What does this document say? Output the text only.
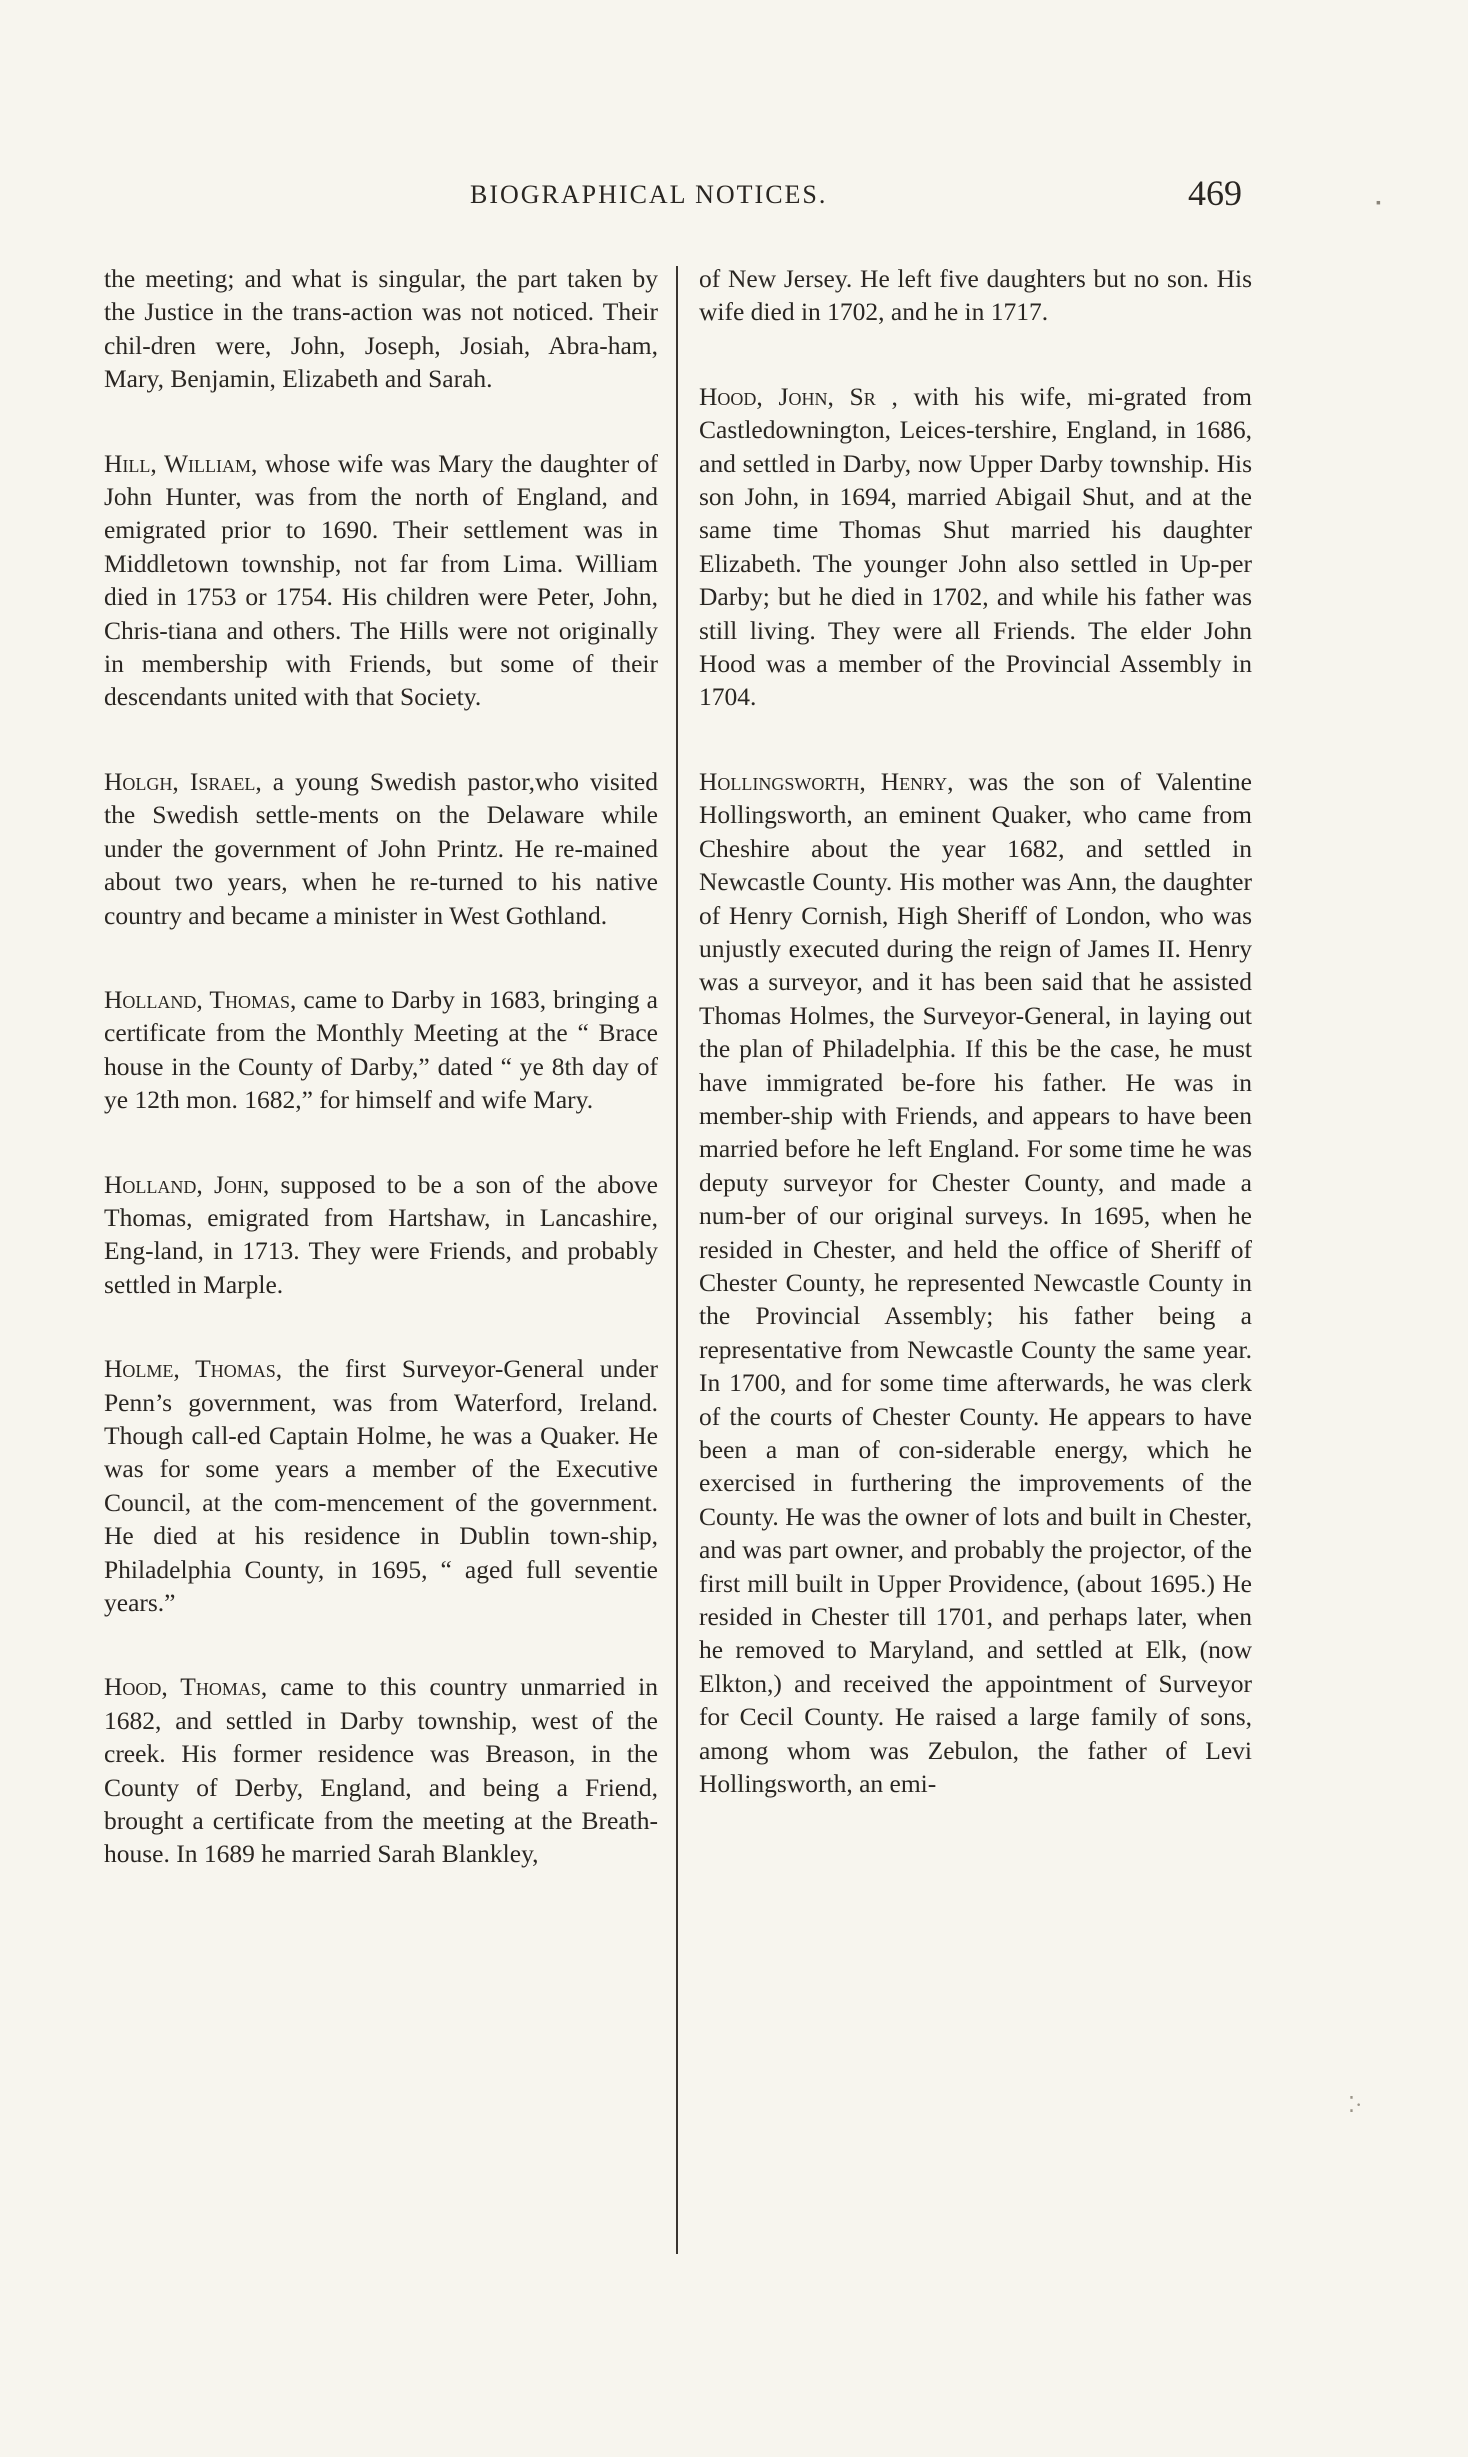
▪
BIOGRAPHICAL NOTICES.	469

the meeting; and what is singular, the part taken by the Justice in the trans-action was not noticed. Their chil-dren were, John, Joseph, Josiah, Abra-ham, Mary, Benjamin, Elizabeth and Sarah.

Hill, William, whose wife was Mary the daughter of John Hunter, was from the north of England, and emigrated prior to 1690. Their settlement was in Middletown township, not far from Lima. William died in 1753 or 1754. His children were Peter, John, Chris-tiana and others. The Hills were not originally in membership with Friends, but some of their descendants united with that Society.

Holgh, Israel, a young Swedish pastor,who visited the Swedish settle-ments on the Delaware while under the government of John Printz. He re-mained about two years, when he re-turned to his native country and became a minister in West Gothland.

Holland, Thomas, came to Darby in 1683, bringing a certificate from the Monthly Meeting at the “ Brace house in the County of Darby,” dated “ ye 8th day of ye 12th mon. 1682,” for himself and wife Mary.

Holland, John, supposed to be a son of the above Thomas, emigrated from Hartshaw, in Lancashire, Eng-land, in 1713. They were Friends, and probably settled in Marple.

Holme, Thomas, the first Surveyor-General under Penn’s government, was from Waterford, Ireland. Though call-ed Captain Holme, he was a Quaker. He was for some years a member of the Executive Council, at the com-mencement of the government. He died at his residence in Dublin town-ship, Philadelphia County, in 1695, “ aged full seventie years.”

Hood, Thomas, came to this country unmarried in 1682, and settled in Darby township, west of the creek. His former residence was Breason, in the County of Derby, England, and being a Friend, brought a certificate from the meeting at the Breath-house. In 1689 he married Sarah Blankley,

of New Jersey. He left five daughters but no son. His wife died in 1702, and he in 1717.

Hood, John, Sr , with his wife, mi-grated from Castledownington, Leices-tershire, England, in 1686, and settled in Darby, now Upper Darby township. His son John, in 1694, married Abigail Shut, and at the same time Thomas Shut married his daughter Elizabeth. The younger John also settled in Up-per Darby; but he died in 1702, and while his father was still living. They were all Friends. The elder John Hood was a member of the Provincial Assembly in 1704.

Hollingsworth, Henry, was the son of Valentine Hollingsworth, an eminent Quaker, who came from Cheshire about the year 1682, and settled in Newcastle County. His mother was Ann, the daughter of Henry Cornish, High Sheriff of London, who was unjustly executed during the reign of James II. Henry was a surveyor, and it has been said that he assisted Thomas Holmes, the Surveyor-General, in laying out the plan of Philadelphia. If this be the case, he must have immigrated be-fore his father. He was in member-ship with Friends, and appears to have been married before he left England. For some time he was deputy surveyor for Chester County, and made a num-ber of our original surveys. In 1695, when he resided in Chester, and held the office of Sheriff of Chester County, he represented Newcastle County in the Provincial Assembly; his father being a representative from Newcastle County the same year. In 1700, and for some time afterwards, he was clerk of the courts of Chester County. He appears to have been a man of con-siderable energy, which he exercised in furthering the improvements of the County. He was the owner of lots and built in Chester, and was part owner, and probably the projector, of the first mill built in Upper Providence, (about 1695.) He resided in Chester till 1701, and perhaps later, when he removed to Maryland, and settled at Elk, (now Elkton,) and received the appointment of Surveyor for Cecil County. He raised a large family of sons, among whom was Zebulon, the father of Levi Hollingsworth, an emi-

⁚·
